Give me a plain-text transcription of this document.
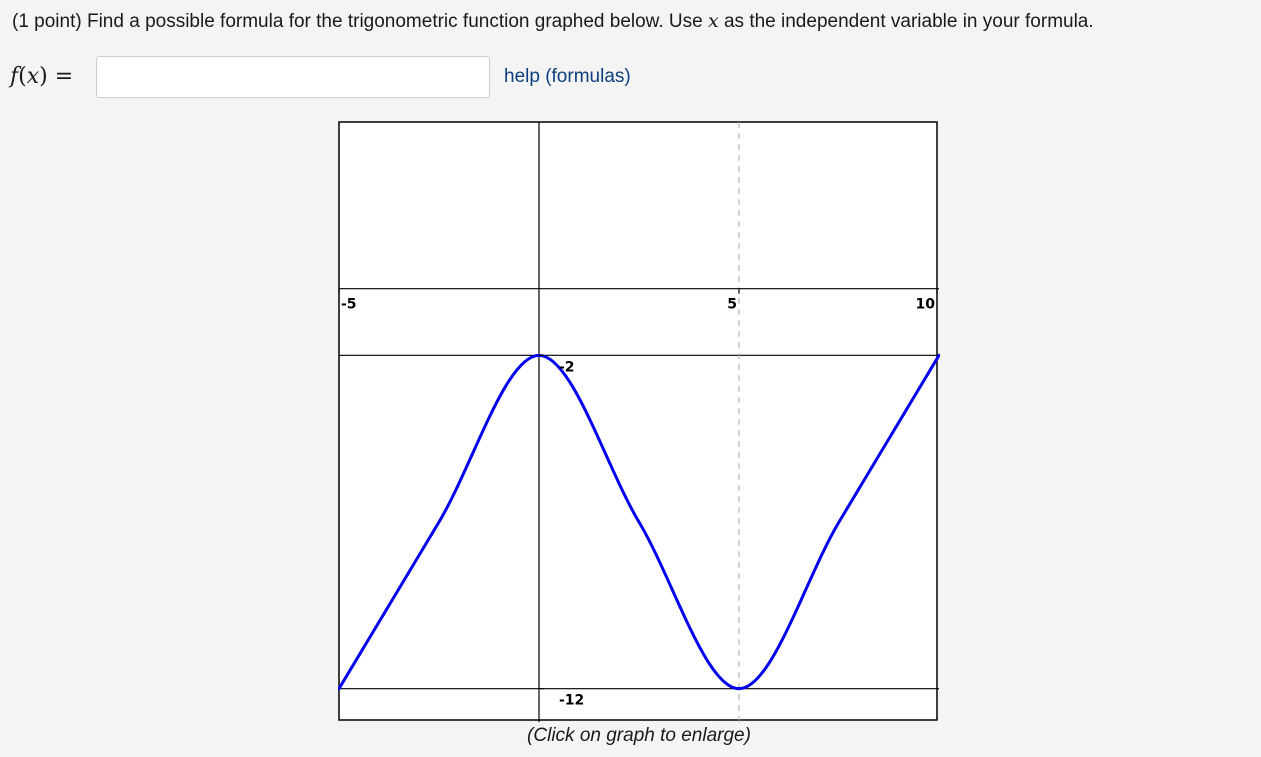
(1 point) Find a possible formula for the trigonometric function graphed below. Use x as the independent variable in your formula.
f(x) =	help (formulas)
-5	5	10
-2
-12
(Click on graph to enlarge)
